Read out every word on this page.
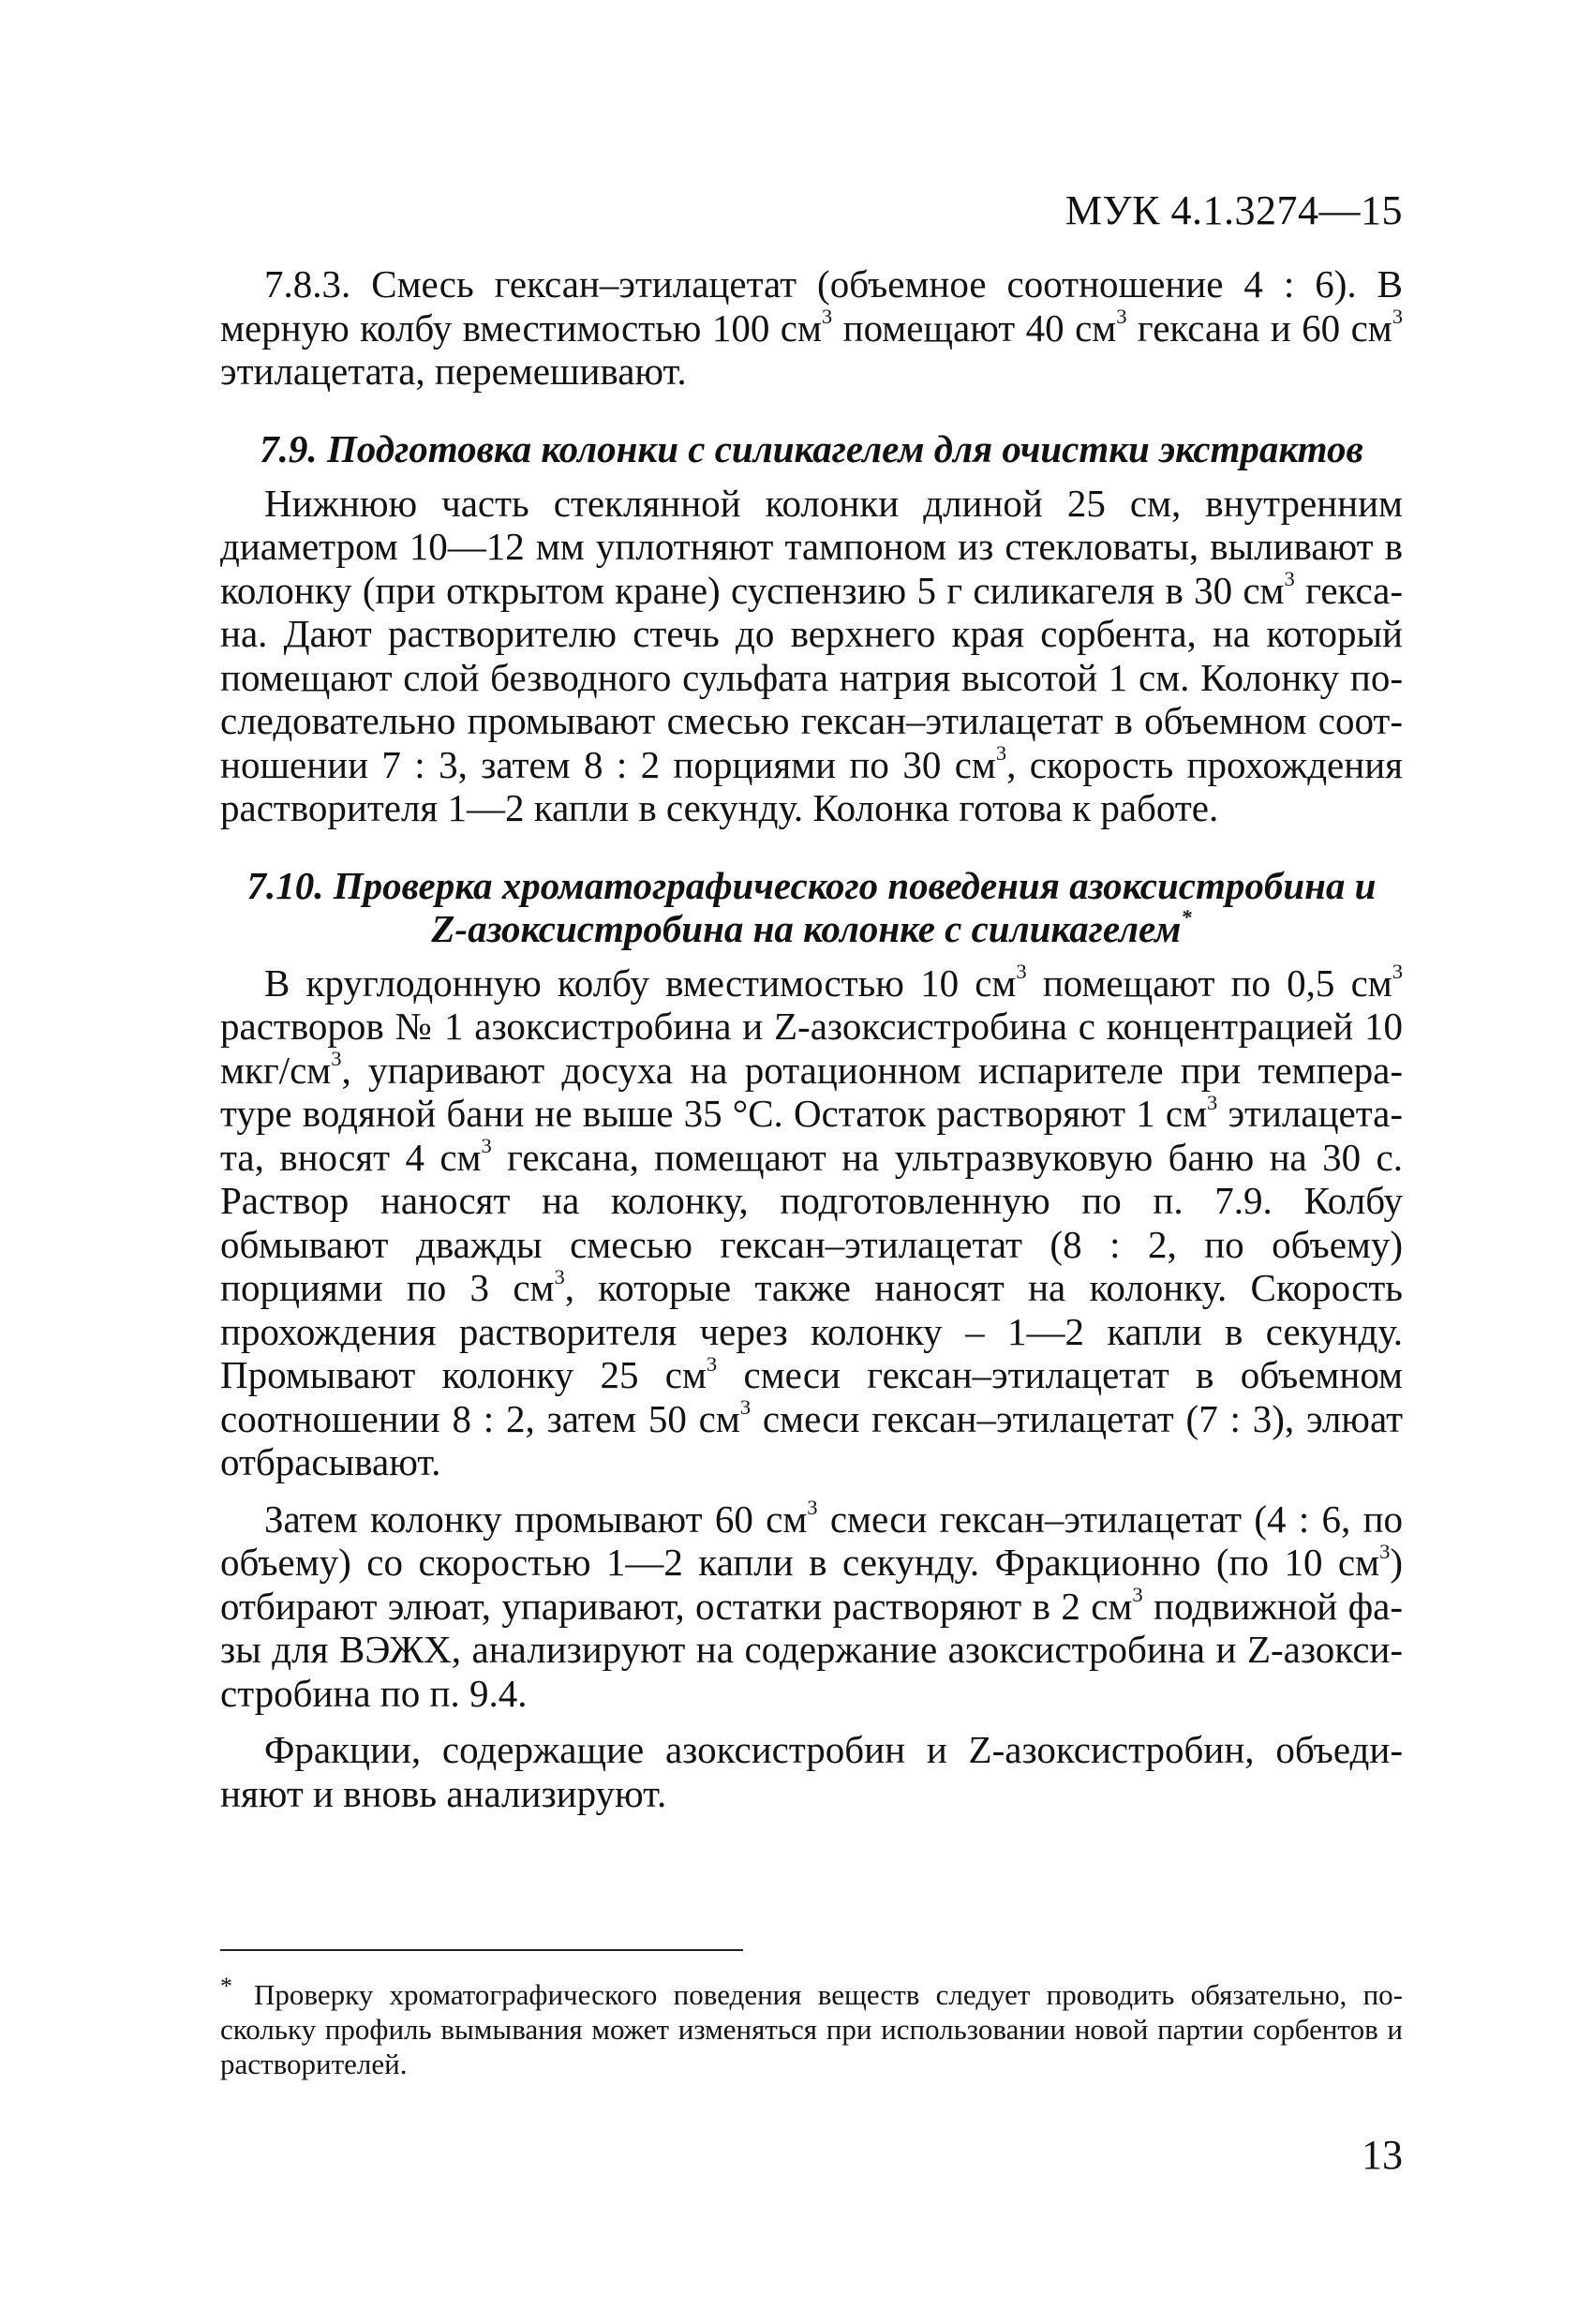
МУК 4.1.3274—15

7.8.3. Смесь гексан–этилацетат (объемное соотношение 4 : 6). В мерную колбу вместимостью 100 $см^3$ помещают 40 $см^3$ гексана и 60 $см^3$ этилацетата, перемешивают.

7.9. Подготовка колонки с силикагелем для очистки экстрактов

Нижнюю часть стеклянной колонки длиной 25 см, внутренним диаметром 10—12 мм уплотняют тампоном из стекловаты, выливают в колонку (при открытом кране) суспензию 5 г силикагеля в 30 $см^3$ гексана. Дают растворителю стечь до верхнего края сорбента, на который помещают слой безводного сульфата натрия высотой 1 см. Колонку последовательно промывают смесью гексан–этилацетат в объемном соотношении 7 : 3, затем 8 : 2 порциями по 30 $см^3$, скорость прохождения растворителя 1—2 капли в секунду. Колонка готова к работе.

7.10. Проверка хроматографического поведения азоксистробина и
Z-азоксистробина на колонке с силикагелем*

В круглодонную колбу вместимостью 10 $см^3$ помещают по 0,5 $см^3$ растворов № 1 азоксистробина и Z-азоксистробина с концентрацией 10 мкг/$см^3$, упаривают досуха на ротационном испарителе при температуре водяной бани не выше 35 °С. Остаток растворяют 1 $см^3$ этилацетата, вносят 4 $см^3$ гексана, помещают на ультразвуковую баню на 30 с. Раствор наносят на колонку, подготовленную по п. 7.9. Колбу обмывают дважды смесью гексан–этилацетат (8 : 2, по объему) порциями по 3 $см^3$, которые также наносят на колонку. Скорость прохождения растворителя через колонку – 1—2 капли в секунду. Промывают колонку 25 $см^3$ смеси гексан–этилацетат в объемном соотношении 8 : 2, затем 50 $см^3$ смеси гексан–этилацетат (7 : 3), элюат отбрасывают.

Затем колонку промывают 60 $см^3$ смеси гексан–этилацетат (4 : 6, по объему) со скоростью 1—2 капли в секунду. Фракционно (по 10 $см^3$) отбирают элюат, упаривают, остатки растворяют в 2 $см^3$ подвижной фазы для ВЭЖХ, анализируют на содержание азоксистробина и Z-азоксистробина по п. 9.4.

Фракции, содержащие азоксистробин и Z-азоксистробин, объединяют и вновь анализируют.

* Проверку хроматографического поведения веществ следует проводить обязательно, поскольку профиль вымывания может изменяться при использовании новой партии сорбентов и растворителей.
13
